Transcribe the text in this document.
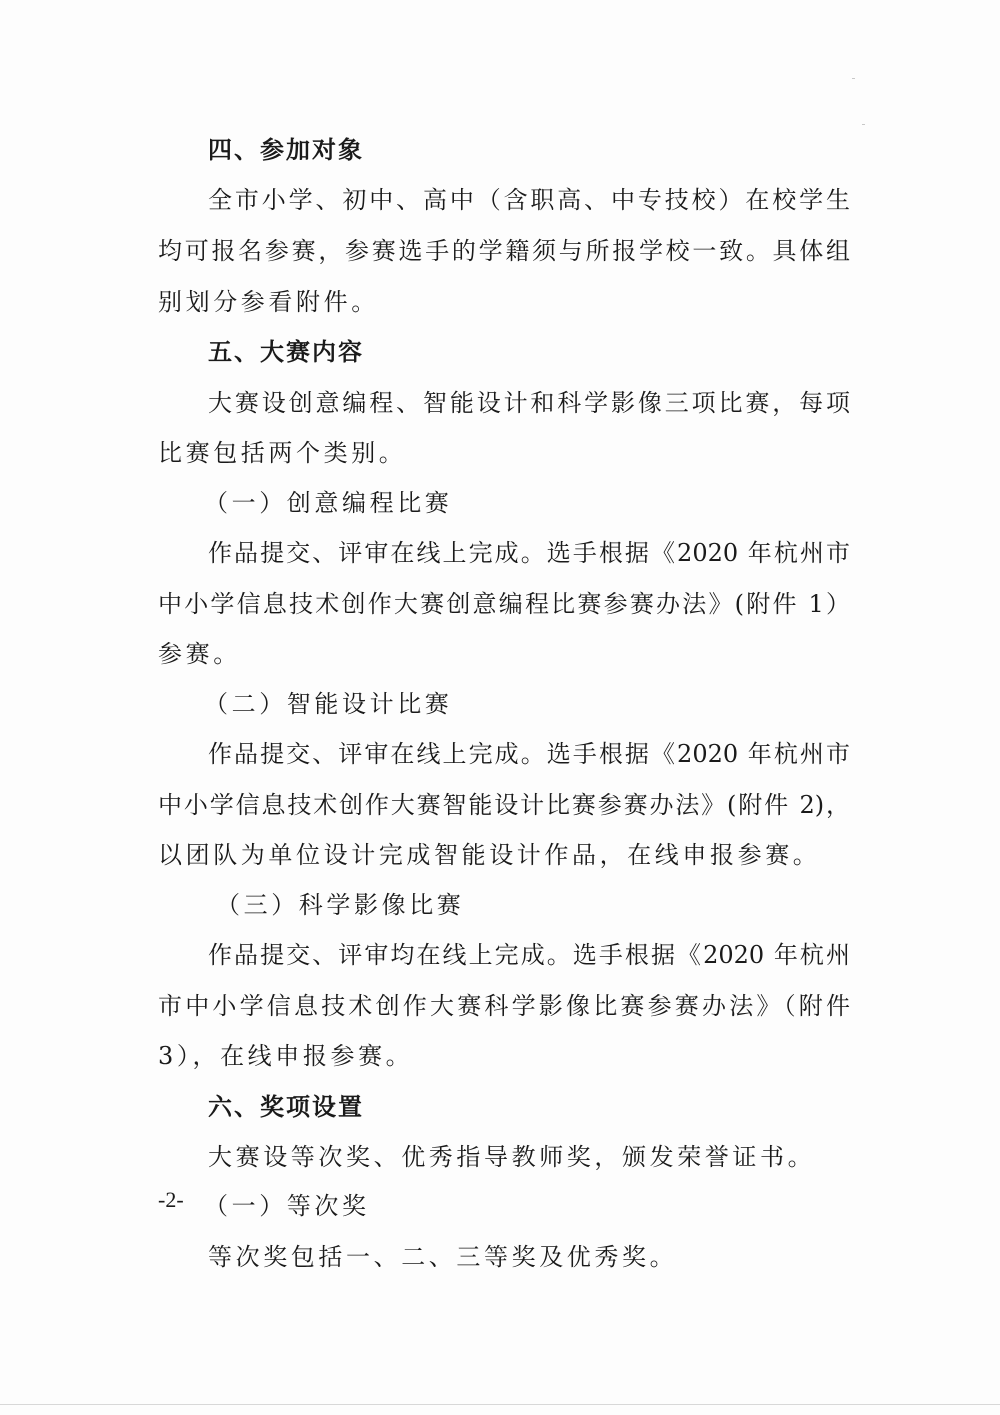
四、参加对象
全市小学、初中、高中（含职高、中专技校）在校学生
均可报名参赛，参赛选手的学籍须与所报学校一致。具体组
别划分参看附件。
五、大赛内容
大赛设创意编程、智能设计和科学影像三项比赛，每项
比赛包括两个类别。
（一）创意编程比赛
作品提交、评审在线上完成。选手根据《2020 年杭州市
中小学信息技术创作大赛创意编程比赛参赛办法》(附件 1）
参赛。
（二）智能设计比赛
作品提交、评审在线上完成。选手根据《2020 年杭州市
中小学信息技术创作大赛智能设计比赛参赛办法》(附件 2)，
以团队为单位设计完成智能设计作品，在线申报参赛。
（三）科学影像比赛
作品提交、评审均在线上完成。选手根据《2020 年杭州
市中小学信息技术创作大赛科学影像比赛参赛办法》（附件
3），在线申报参赛。
六、奖项设置
大赛设等次奖、优秀指导教师奖，颁发荣誉证书。
（一）等次奖
等次奖包括一、二、三等奖及优秀奖。
-2-
